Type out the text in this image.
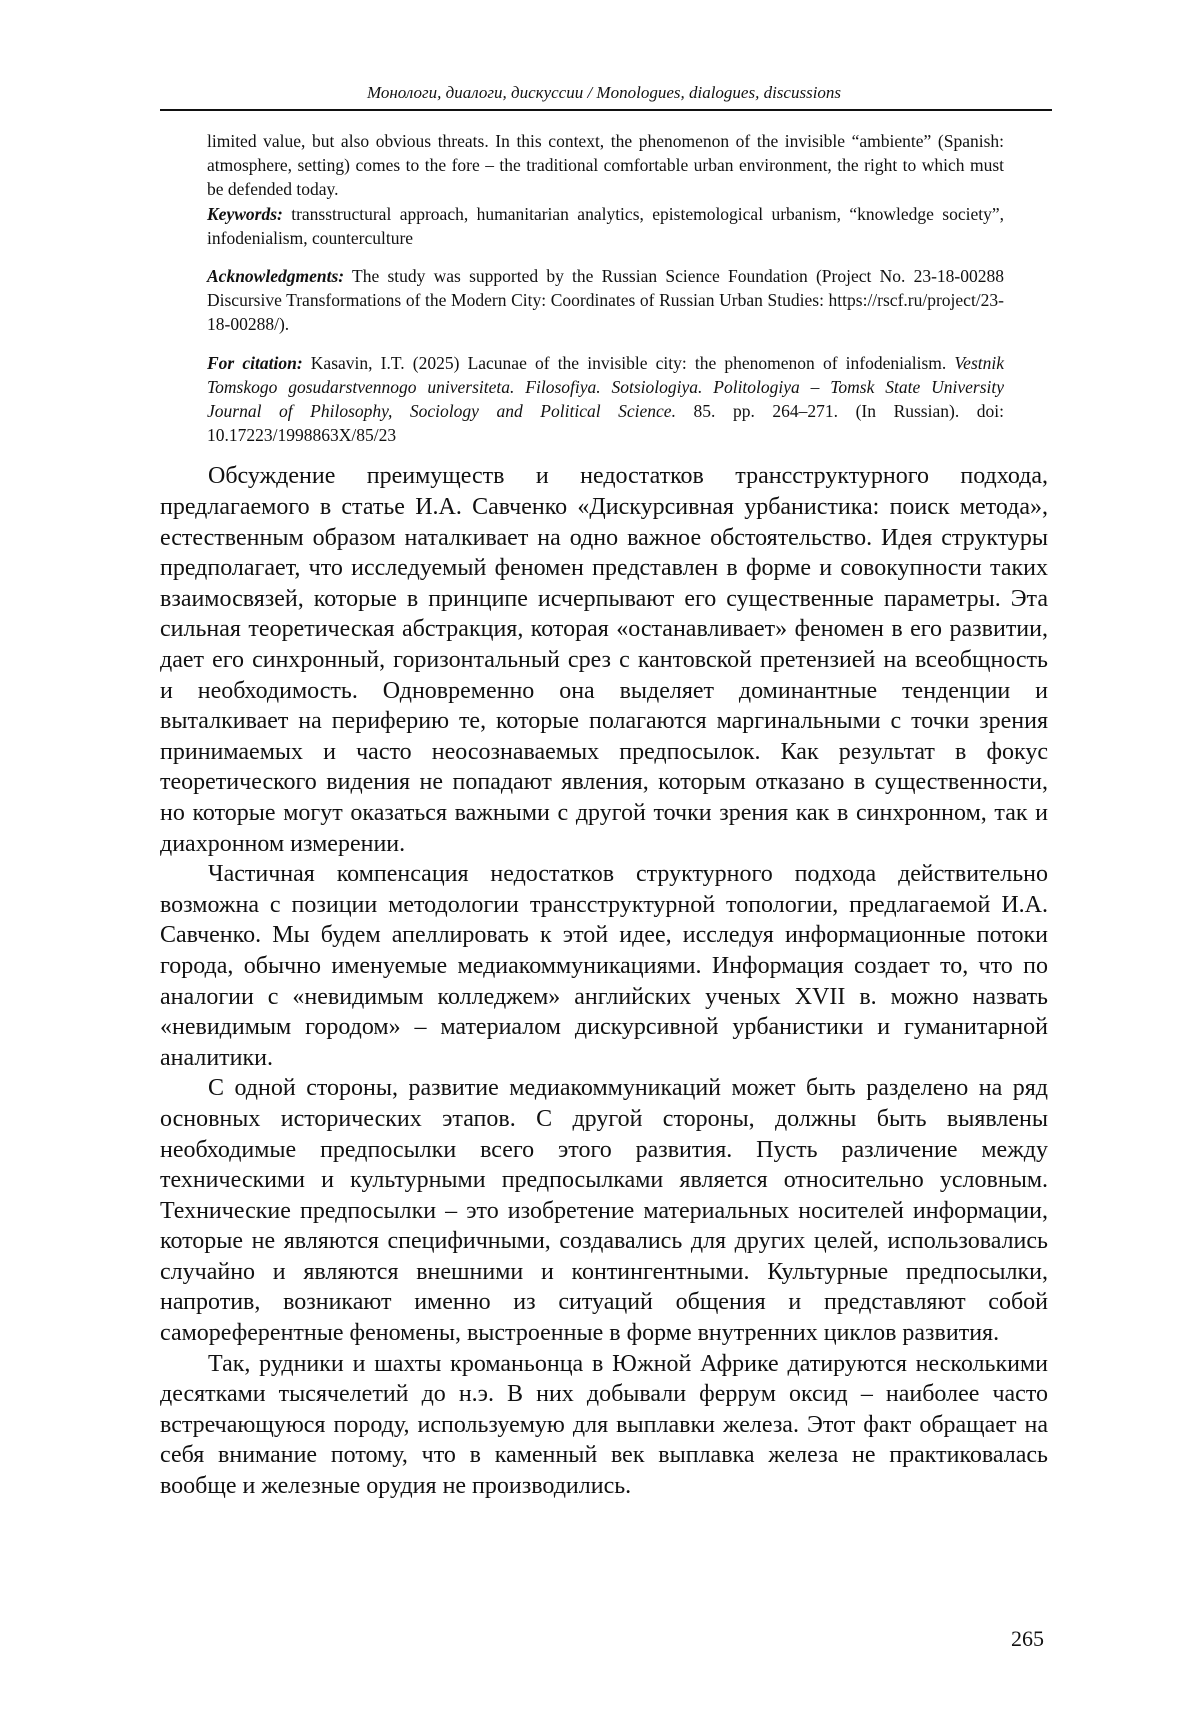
Монологи, диалоги, дискуссии / Monologues, dialogues, discussions

limited value, but also obvious threats. In this context, the phenomenon of the invisible “ambiente” (Spanish: atmosphere, setting) comes to the fore – the traditional comfortable urban environment, the right to which must be defended today.

Keywords: transstructural approach, humanitarian analytics, epistemological urbanism, “knowledge society”, infodenialism, counterculture

Acknowledgments: The study was supported by the Russian Science Foundation (Project No. 23-18-00288 Discursive Transformations of the Modern City: Coordinates of Russian Urban Studies: https://rscf.ru/project/23-18-00288/).

For citation: Kasavin, I.T. (2025) Lacunae of the invisible city: the phenomenon of infodenialism. Vestnik Tomskogo gosudarstvennogo universiteta. Filosofiya. Sotsiologiya. Politologiya – Tomsk State University Journal of Philosophy, Sociology and Political Science. 85. pp. 264–271. (In Russian). doi: 10.17223/1998863X/85/23

Обсуждение преимуществ и недостатков трансструктурного подхода, предлагаемого в статье И.А. Савченко «Дискурсивная урбанистика: поиск метода», естественным образом наталкивает на одно важное обстоятельство. Идея структуры предполагает, что исследуемый феномен представлен в форме и совокупности таких взаимосвязей, которые в принципе исчерпывают его существенные параметры. Эта сильная теоретическая абстракция, которая «останавливает» феномен в его развитии, дает его синхронный, горизонтальный срез с кантовской претензией на всеобщность и необходимость. Одновременно она выделяет доминантные тенденции и выталкивает на периферию те, которые полагаются маргинальными с точки зрения принимаемых и часто неосознаваемых предпосылок. Как результат в фокус теоретического видения не попадают явления, которым отказано в существенности, но которые могут оказаться важными с другой точки зрения как в синхронном, так и диахронном измерении.

Частичная компенсация недостатков структурного подхода действительно возможна с позиции методологии трансструктурной топологии, предлагаемой И.А. Савченко. Мы будем апеллировать к этой идее, исследуя информационные потоки города, обычно именуемые медиакоммуникациями. Информация создает то, что по аналогии с «невидимым колледжем» английских ученых XVII в. можно назвать «невидимым городом» – материалом дискурсивной урбанистики и гуманитарной аналитики.

С одной стороны, развитие медиакоммуникаций может быть разделено на ряд основных исторических этапов. С другой стороны, должны быть выявлены необходимые предпосылки всего этого развития. Пусть различение между техническими и культурными предпосылками является относительно условным. Технические предпосылки – это изобретение материальных носителей информации, которые не являются специфичными, создавались для других целей, использовались случайно и являются внешними и контингентными. Культурные предпосылки, напротив, возникают именно из ситуаций общения и представляют собой самореферентные феномены, выстроенные в форме внутренних циклов развития.

Так, рудники и шахты кроманьонца в Южной Африке датируются несколькими десятками тысячелетий до н.э. В них добывали феррум оксид – наиболее часто встречающуюся породу, используемую для выплавки железа. Этот факт обращает на себя внимание потому, что в каменный век выплавка железа не практиковалась вообще и железные орудия не производились.

265
